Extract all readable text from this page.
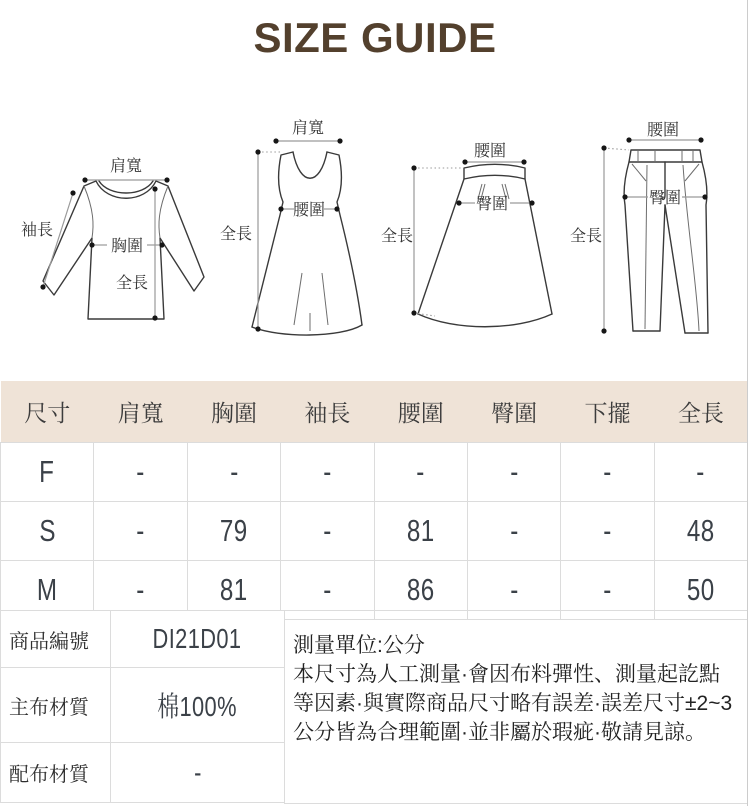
SIZE GUIDE
肩寬
袖長
胸圍
全長
肩寬
腰圍
全長
腰圍
臀圍
全長
腰圍
臀圍
全長
尺寸	肩寬	胸圍	袖長	腰圍	臀圍	下擺	全長
F	-	-	-	-	-	-	-
S	-	79	-	81	-	-	48
M	-	81	-	86	-	-	50
商品編號	DI21D01
主布材質	棉100%
配布材質	-
測量單位:公分
本尺寸為人工測量·會因布料彈性、測量起訖點等因素·與實際商品尺寸略有誤差·誤差尺寸±2~3公分皆為合理範圍·並非屬於瑕疵·敬請見諒。
